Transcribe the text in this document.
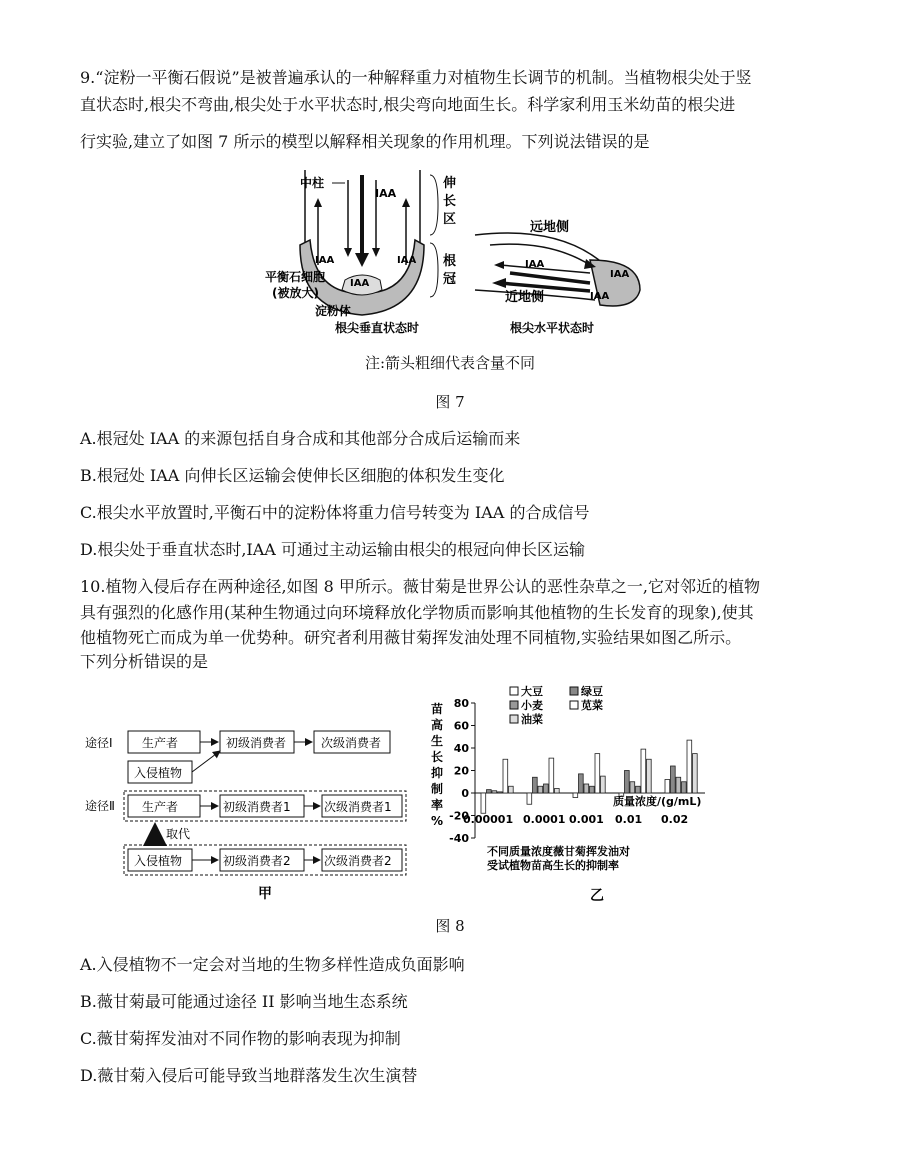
9.“淀粉一平衡石假说”是被普遍承认的一种解释重力对植物生长调节的机制。当植物根尖处于竖
直状态时,根尖不弯曲,根尖处于水平状态时,根尖弯向地面生长。科学家利用玉米幼苗的根尖进
行实验,建立了如图 7 所示的模型以解释相关现象的作用机理。下列说法错误的是
中柱
IAA
IAA	IAA
IAA
平衡石细胞
(被放大)
淀粉体
根尖垂直状态时
伸
长
区
根
冠
远地侧
近地侧
IAA
IAA
IAA
根尖水平状态时
注:箭头粗细代表含量不同
图 7
A.根冠处 IAA 的来源包括自身合成和其他部分合成后运输而来
B.根冠处 IAA 向伸长区运输会使伸长区细胞的体积发生变化
C.根尖水平放置时,平衡石中的淀粉体将重力信号转变为 IAA 的合成信号
D.根尖处于垂直状态时,IAA 可通过主动运输由根尖的根冠向伸长区运输
10.植物入侵后存在两种途径,如图 8 甲所示。薇甘菊是世界公认的恶性杂草之一,它对邻近的植物
具有强烈的化感作用(某种生物通过向环境释放化学物质而影响其他植物的生长发育的现象),使其
他植物死亡而成为单一优势种。研究者利用薇甘菊挥发油处理不同植物,实验结果如图乙所示。
下列分析错误的是
途径Ⅰ 生产者	初级消费者	次级消费者
入侵植物
途径Ⅱ 生产者	初级消费者1	次级消费者1
取代
入侵植物	初级消费者2	次级消费者2
甲
苗
高
生
长
抑
制
率
%
80
60
40
20
0
-20
-40
0.00001 0.0001 0.001 0.01 0.02
大豆	绿豆
小麦	苋菜
油菜
质量浓度/(g/mL)
不同质量浓度薇甘菊挥发油对
受试植物苗高生长的抑制率
乙
图 8
A.入侵植物不一定会对当地的生物多样性造成负面影响
B.薇甘菊最可能通过途径 II 影响当地生态系统
C.薇甘菊挥发油对不同作物的影响表现为抑制
D.薇甘菊入侵后可能导致当地群落发生次生演替
